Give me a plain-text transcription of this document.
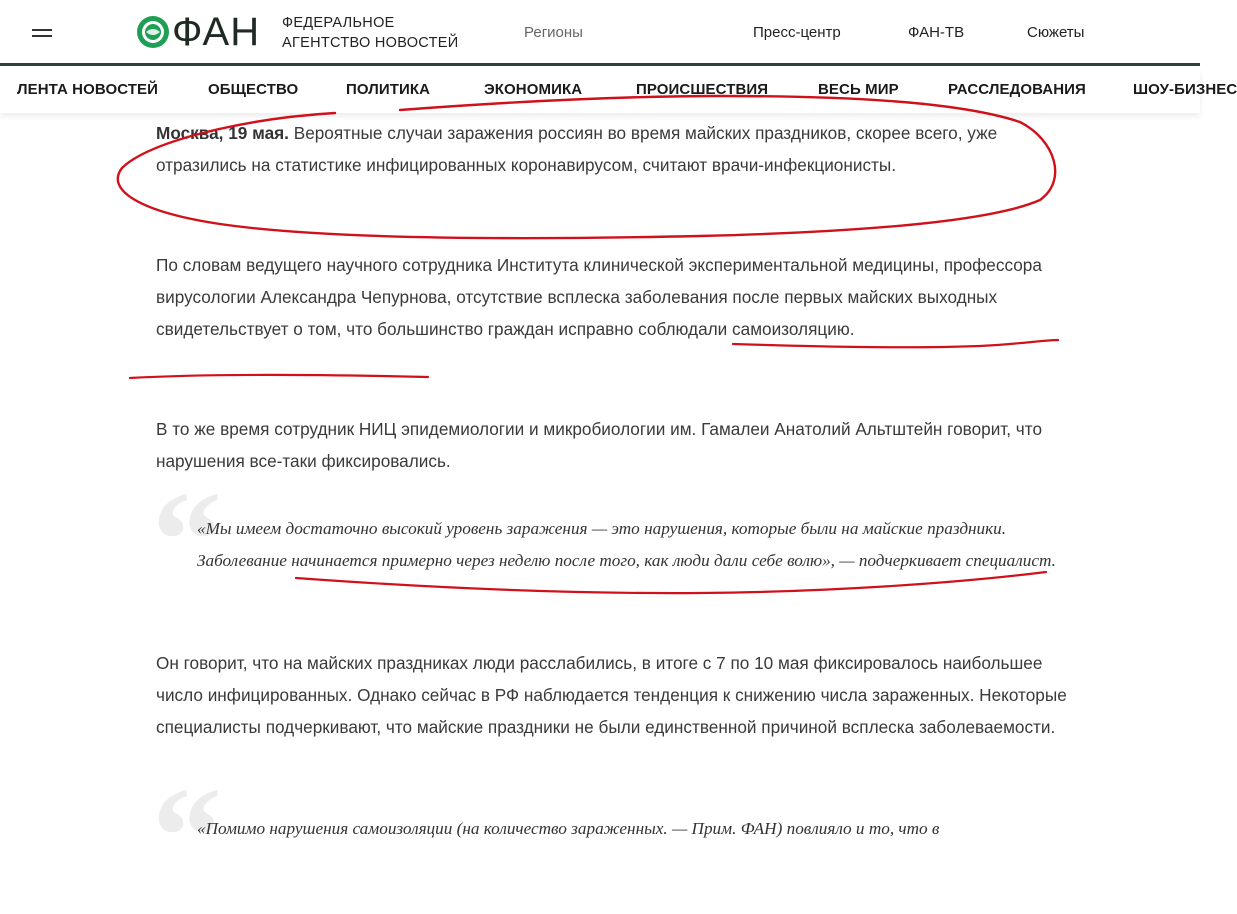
ФАН ФЕДЕРАЛЬНОЕ
АГЕНТСТВО НОВОСТЕЙ
Регионы	Пресс-центр	ФАН-ТВ	Сюжеты
ЛЕНТА НОВОСТЕЙ	ОБЩЕСТВО	ПОЛИТИКА	ЭКОНОМИКА	ПРОИСШЕСТВИЯ	ВЕСЬ МИР	РАССЛЕДОВАНИЯ	ШОУ-БИЗНЕС
Москва, 19 мая. Вероятные случаи заражения россиян во время майских праздников, скорее всего, уже отразились на статистике инфицированных коронавирусом, считают врачи-инфекционисты.
По словам ведущего научного сотрудника Института клинической экспериментальной медицины, профессора вирусологии Александра Чепурнова, отсутствие всплеска заболевания после первых майских выходных свидетельствует о том, что большинство граждан исправно соблюдали самоизоляцию.
В то же время сотрудник НИЦ эпидемиологии и микробиологии им. Гамалеи Анатолий Альтштейн говорит, что нарушения все-таки фиксировались.
“
«Мы имеем достаточно высокий уровень заражения — это нарушения, которые были на майские праздники. Заболевание начинается примерно через неделю после того, как люди дали себе волю», — подчеркивает специалист.
Он говорит, что на майских праздниках люди расслабились, в итоге с 7 по 10 мая фиксировалось наибольшее число инфицированных. Однако сейчас в РФ наблюдается тенденция к снижению числа зараженных. Некоторые специалисты подчеркивают, что майские праздники не были единственной причиной всплеска заболеваемости.
“
«Помимо нарушения самоизоляции (на количество зараженных. — Прим. ФАН) повлияло и то, что в
